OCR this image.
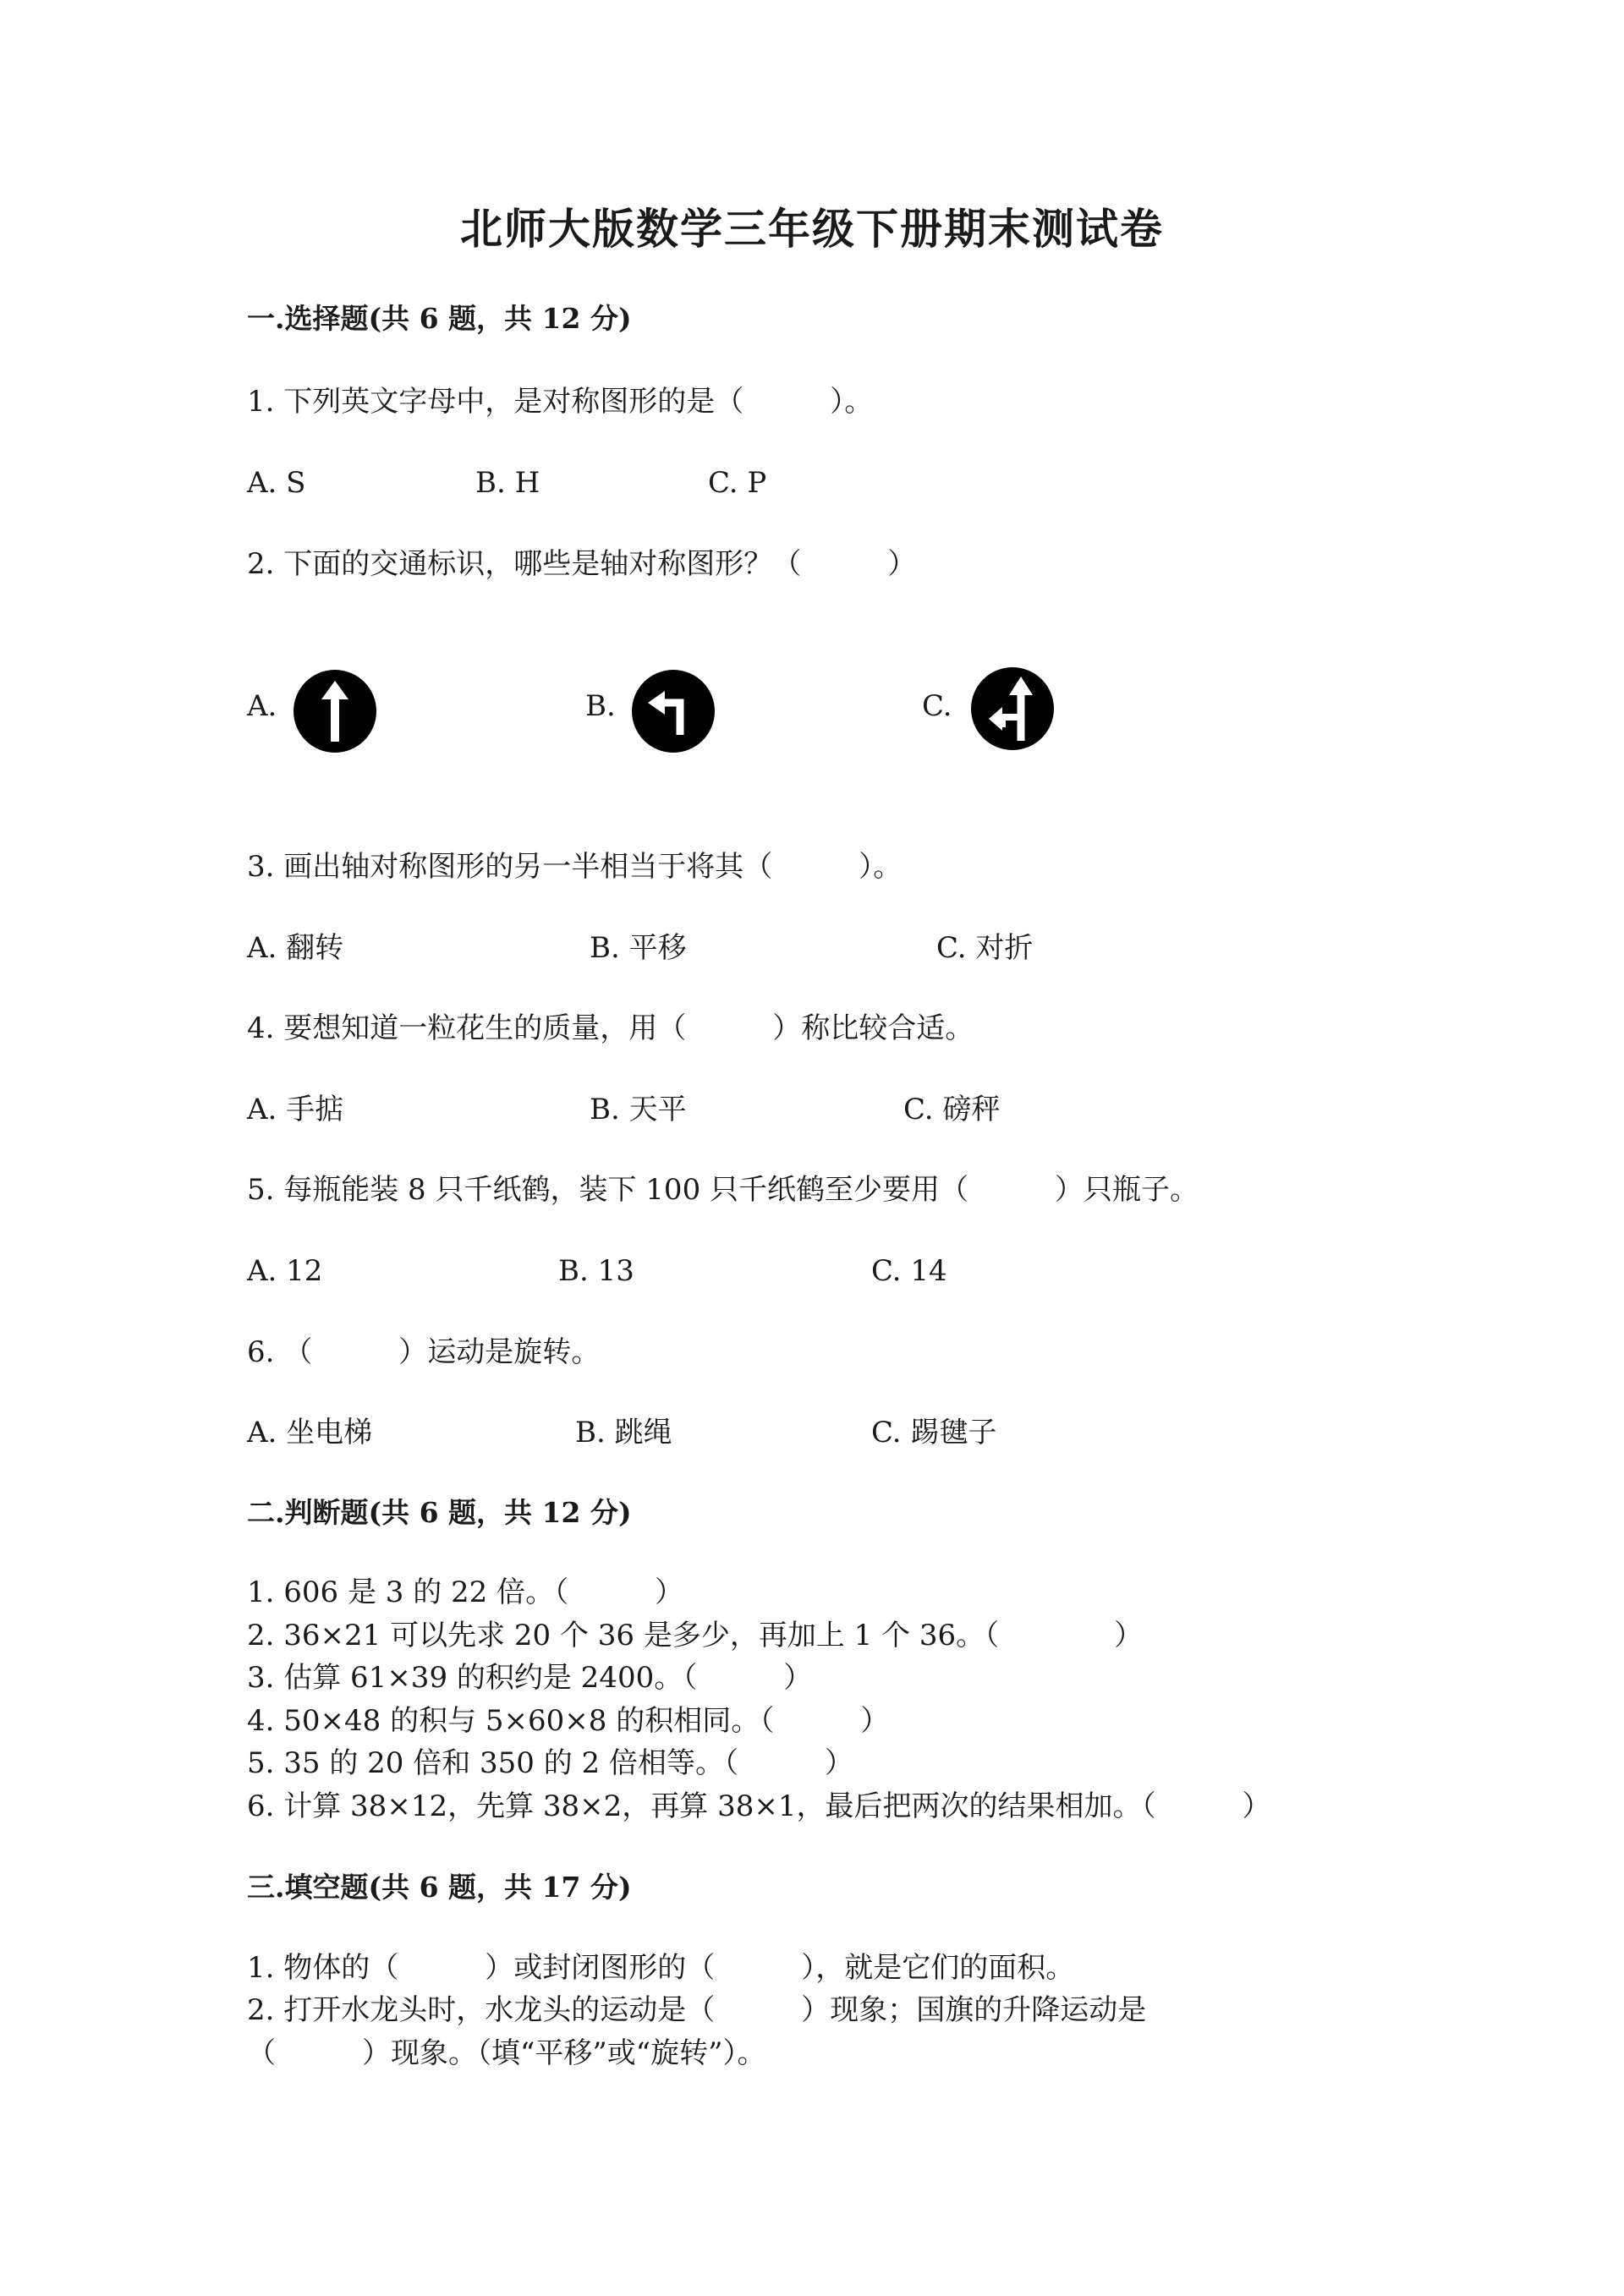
北师大版数学三年级下册期末测试卷
一.选择题(共 6 题，共 12 分)
1. 下列英文字母中，是对称图形的是（　　　）。
A. S	B. H	C. P
2. 下面的交通标识，哪些是轴对称图形？（　　　）
A.	B.	C.
3. 画出轴对称图形的另一半相当于将其（　　　）。
A. 翻转	B. 平移	C. 对折
4. 要想知道一粒花生的质量，用（　　　）称比较合适。
A. 手掂	B. 天平	C. 磅秤
5. 每瓶能装 8 只千纸鹤，装下 100 只千纸鹤至少要用（　　　）只瓶子。
A. 12	B. 13	C. 14
6. （　　　）运动是旋转。
A. 坐电梯	B. 跳绳	C. 踢毽子
二.判断题(共 6 题，共 12 分)
1. 606 是 3 的 22 倍。（　　　）
2. 36×21 可以先求 20 个 36 是多少，再加上 1 个 36。（　　　　）
3. 估算 61×39 的积约是 2400。（　　　）
4. 50×48 的积与 5×60×8 的积相同。（　　　）
5. 35 的 20 倍和 350 的 2 倍相等。（　　　）
6. 计算 38×12，先算 38×2，再算 38×1，最后把两次的结果相加。（　　　）
三.填空题(共 6 题，共 17 分)
1. 物体的（　　　）或封闭图形的（　　　），就是它们的面积。
2. 打开水龙头时，水龙头的运动是（　　　）现象；国旗的升降运动是
（　　　）现象。（填“平移”或“旋转”）。
